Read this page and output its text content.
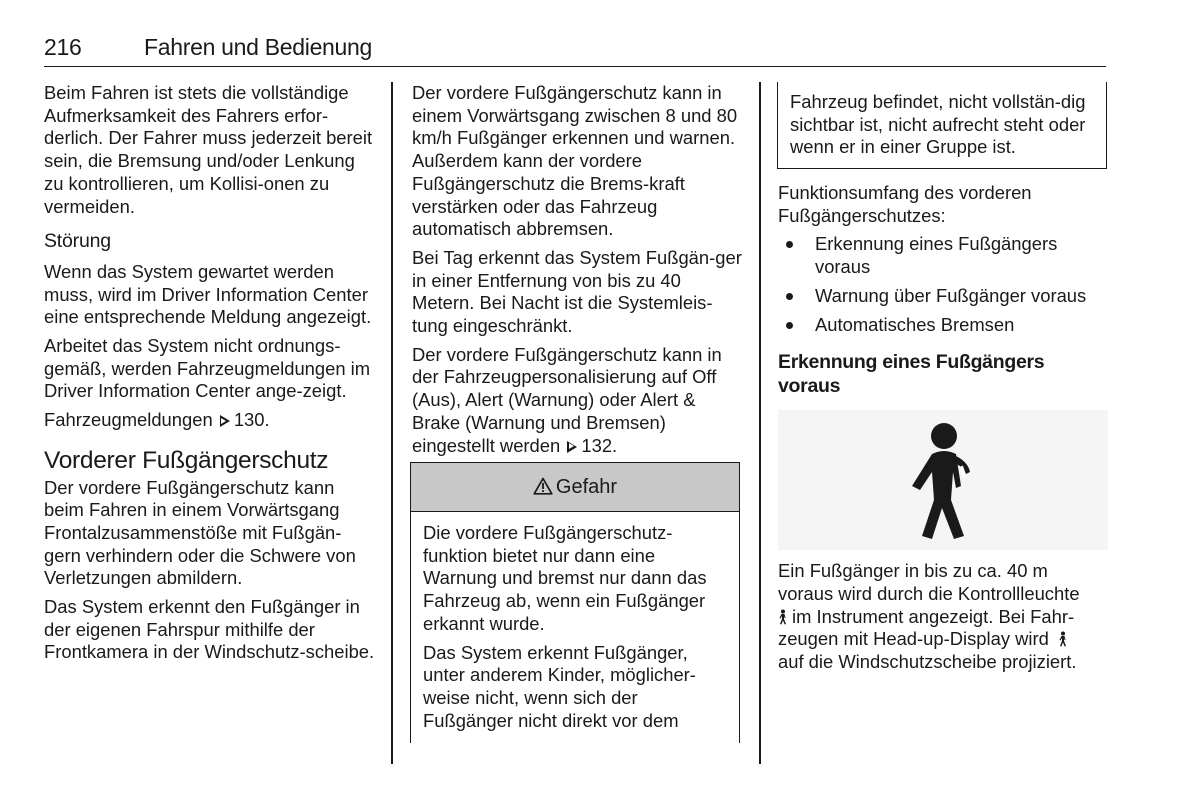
216	Fahren und Bedienung

Beim Fahren ist stets die vollständige Aufmerksamkeit des Fahrers erfor-derlich. Der Fahrer muss jederzeit bereit sein, die Bremsung und/oder Lenkung zu kontrollieren, um Kollisi-onen zu vermeiden.

Störung

Wenn das System gewartet werden muss, wird im Driver Information Center eine entsprechende Meldung angezeigt.

Arbeitet das System nicht ordnungs-gemäß, werden Fahrzeugmeldungen im Driver Information Center ange-zeigt.

Fahrzeugmeldungen 130.

Vorderer Fußgängerschutz

Der vordere Fußgängerschutz kann beim Fahren in einem Vorwärtsgang Frontalzusammenstöße mit Fußgän-gern verhindern oder die Schwere von Verletzungen abmildern.

Das System erkennt den Fußgänger in der eigenen Fahrspur mithilfe der Frontkamera in der Windschutz-scheibe.

Der vordere Fußgängerschutz kann in einem Vorwärtsgang zwischen 8 und 80 km/h Fußgänger erkennen und warnen. Außerdem kann der vordere Fußgängerschutz die Brems-kraft verstärken oder das Fahrzeug automatisch abbremsen.

Bei Tag erkennt das System Fußgän-ger in einer Entfernung von bis zu 40 Metern. Bei Nacht ist die Systemleis-tung eingeschränkt.

Der vordere Fußgängerschutz kann in der Fahrzeugpersonalisierung auf Off (Aus), Alert (Warnung) oder Alert & Brake (Warnung und Bremsen) eingestellt werden 132.

Gefahr

Die vordere Fußgängerschutz-funktion bietet nur dann eine Warnung und bremst nur dann das Fahrzeug ab, wenn ein Fußgänger erkannt wurde.

Das System erkennt Fußgänger, unter anderem Kinder, möglicher-weise nicht, wenn sich der Fußgänger nicht direkt vor dem

Fahrzeug befindet, nicht vollstän-dig sichtbar ist, nicht aufrecht steht oder wenn er in einer Gruppe ist.

Funktionsumfang des vorderen Fußgängerschutzes:

Erkennung eines Fußgängers voraus
Warnung über Fußgänger voraus
Automatisches Bremsen
Erkennung eines Fußgängers voraus

Ein Fußgänger in bis zu ca. 40 m voraus wird durch die Kontrollleuchte
im Instrument angezeigt. Bei Fahr-zeugen mit Head-up-Display wird
auf die Windschutzscheibe projiziert.
